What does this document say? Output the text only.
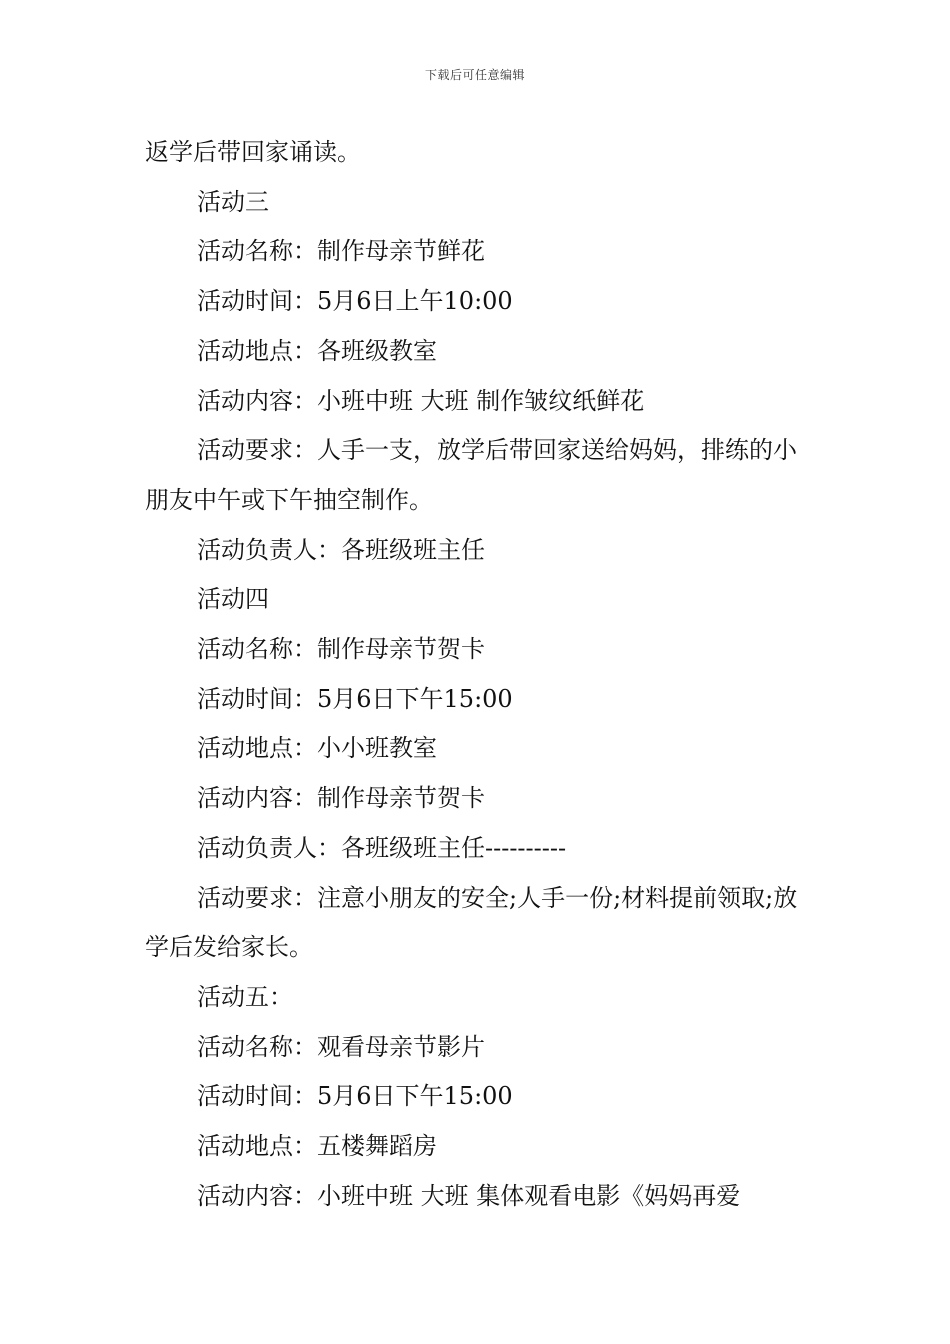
下载后可任意编辑

返学后带回家诵读。

活动三

活动名称：制作母亲节鲜花

活动时间：5月6日上午10:00

活动地点：各班级教室

活动内容：小班中班 大班 制作皱纹纸鲜花

活动要求：人手一支，放学后带回家送给妈妈，排练的小朋友中午或下午抽空制作。

活动负责人：各班级班主任

活动四

活动名称：制作母亲节贺卡

活动时间：5月6日下午15:00

活动地点：小小班教室

活动内容：制作母亲节贺卡

活动负责人：各班级班主任----------

活动要求：注意小朋友的安全;人手一份;材料提前领取;放学后发给家长。

活动五：

活动名称：观看母亲节影片

活动时间：5月6日下午15:00

活动地点：五楼舞蹈房

活动内容：小班中班 大班 集体观看电影《妈妈再爱
